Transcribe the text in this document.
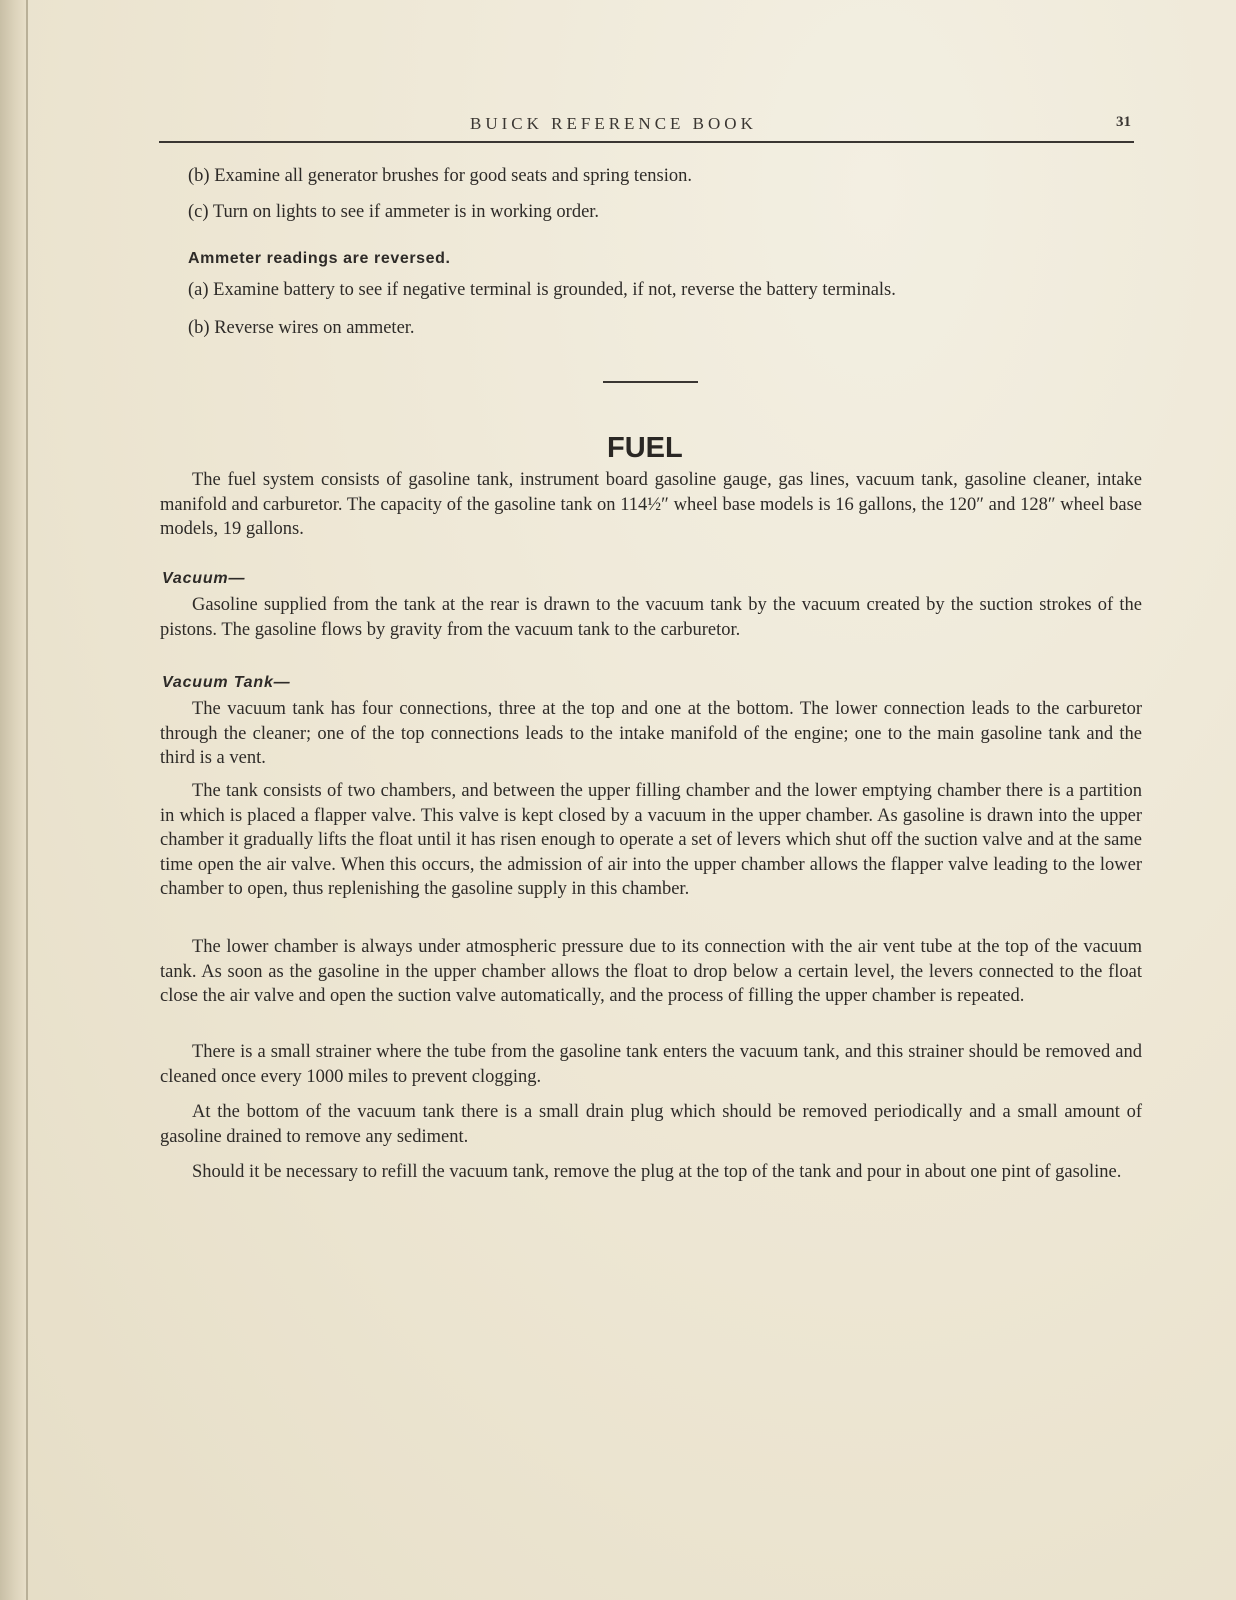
BUICK REFERENCE BOOK	31
(b) Examine all generator brushes for good seats and spring tension.
(c) Turn on lights to see if ammeter is in working order.
Ammeter readings are reversed.
(a) Examine battery to see if negative terminal is grounded, if not, reverse the battery terminals.
(b) Reverse wires on ammeter.
FUEL

The fuel system consists of gasoline tank, instrument board gasoline gauge, gas lines, vacuum tank, gasoline cleaner, intake manifold and carburetor. The capacity of the gasoline tank on 114½″ wheel base models is 16 gallons, the 120″ and 128″ wheel base models, 19 gallons.

Vacuum—

Gasoline supplied from the tank at the rear is drawn to the vacuum tank by the vacuum created by the suction strokes of the pistons. The gasoline flows by gravity from the vacuum tank to the carburetor.

Vacuum Tank—

The vacuum tank has four connections, three at the top and one at the bottom. The lower connection leads to the carburetor through the cleaner; one of the top connections leads to the intake manifold of the engine; one to the main gasoline tank and the third is a vent.

The tank consists of two chambers, and between the upper filling chamber and the lower emptying chamber there is a partition in which is placed a flapper valve. This valve is kept closed by a vacuum in the upper chamber. As gasoline is drawn into the upper chamber it gradually lifts the float until it has risen enough to operate a set of levers which shut off the suction valve and at the same time open the air valve. When this occurs, the admission of air into the upper chamber allows the flapper valve leading to the lower chamber to open, thus replenishing the gasoline supply in this chamber.

The lower chamber is always under atmospheric pressure due to its connection with the air vent tube at the top of the vacuum tank. As soon as the gasoline in the upper chamber allows the float to drop below a certain level, the levers connected to the float close the air valve and open the suction valve automatically, and the process of filling the upper chamber is repeated.

There is a small strainer where the tube from the gasoline tank enters the vacuum tank, and this strainer should be removed and cleaned once every 1000 miles to prevent clogging.

At the bottom of the vacuum tank there is a small drain plug which should be removed periodically and a small amount of gasoline drained to remove any sediment.

Should it be necessary to refill the vacuum tank, remove the plug at the top of the tank and pour in about one pint of gasoline.
